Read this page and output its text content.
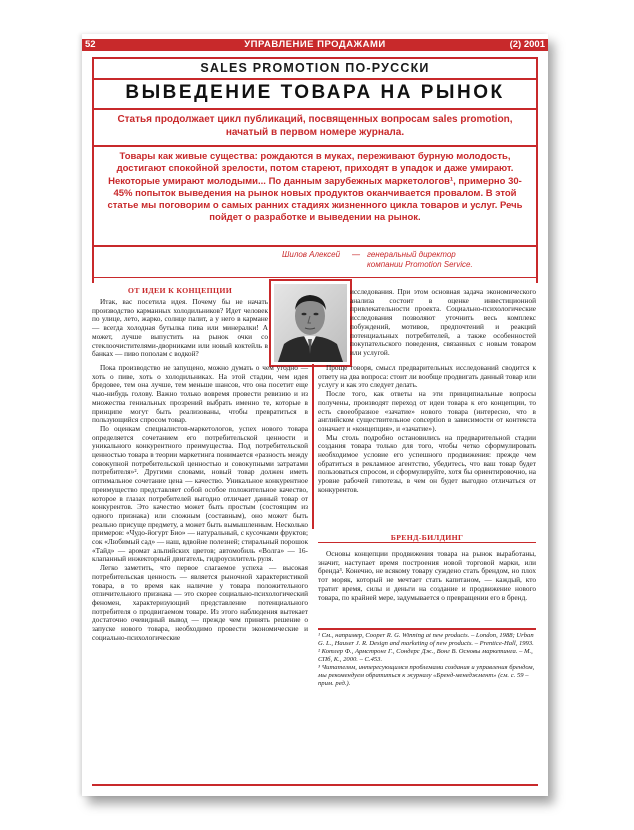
52	УПРАВЛЕНИЕ ПРОДАЖАМИ	(2) 2001
SALES PROMOTION ПО-РУССКИ
ВЫВЕДЕНИЕ ТОВАРА НА РЫНОК
Статья продолжает цикл публикаций, посвященных вопросам sales promotion, начатый в первом номере журнала.
Товары как живые существа: рождаются в муках, переживают бурную молодость, достигают спокойной зрелости, потом стареют, приходят в упадок и даже умирают. Некоторые умирают молодыми... По данным зарубежных маркетологов¹, примерно 30-45% попыток выведения на рынок новых продуктов оканчивается провалом. В этой статье мы поговорим о самых ранних стадиях жизненного цикла товаров и услуг. Речь пойдет о разработке и выведении на рынок.
Шилов Алексей — генеральный директор компании Promotion Service.
ОТ ИДЕИ К КОНЦЕПЦИИ

Итак, вас посетила идея. Почему бы не начать производство карманных холодильников? Идет человек по улице, лето, жарко, солнце палит, а у него в кармане — всегда холодная бутылка пива или минералки! А может, лучше выпустить на рынок очки со стеклоочистителями-дворниками или новый коктейль в банках — пиво пополам с водкой?

исследования. При этом основная задача экономического анализа состоит в оценке инвестиционной привлекательности проекта. Социально-психологические исследования позволяют уточнить весь комплекс побуждений, мотивов, предпочтений и реакций потенциальных потребителей, а также особенностей покупательского поведения, связанных с новым товаром или услугой.

Пока производство не запущено, можно думать о чем угодно — хоть о пиве, хоть о холодильниках. На этой стадии, чем идея бредовее, тем она лучше, тем меньше шансов, что она посетит еще чью-нибудь голову. Важно только вовремя провести ревизию и из множества гениальных прозрений выбрать именно те, которые в принципе могут быть реализованы, чтобы превратиться в пользующийся спросом товар.

По оценкам специалистов-маркетологов, успех нового товара определяется сочетанием его потребительской ценности и уникального конкурентного преимущества. Под потребительской ценностью товара в теории маркетинга понимается «разность между совокупной потребительской ценностью и совокупными затратами потребителя»². Другими словами, новый товар должен иметь оптимальное сочетание цена — качество. Уникальное конкурентное преимущество представляет собой особое положительное качество, которое в глазах потребителей выгодно отличает данный товар от конкурентов. Это качество может быть простым (состоящим из одного признака) или сложным (составным), оно может быть реально присуще предмету, а может быть вымышленным. Несколько примеров: «Чудо-йогурт Био» — натуральный, с кусочками фруктов; сок «Любимый сад» — наш, вдвойне полезней; стиральный порошок «Тайд» — аромат альпийских цветов; автомобиль «Волга» — 16-клапанный инжекторный двигатель, гидроусилитель руля.

Легко заметить, что первое слагаемое успеха — высокая потребительская ценность — является рыночной характеристикой товара, в то время как наличие у товара положительного отличительного признака — это скорее социально-психологический феномен, характеризующий представление потенциального потребителя о продвигаемом товаре. Из этого наблюдения вытекает достаточно очевидный вывод — прежде чем принять решение о запуске нового товара, необходимо провести экономические и социально-психологические

Проще говоря, смысл предварительных исследований сводится к ответу на два вопроса: стоит ли вообще продвигать данный товар или услугу и как это следует делать.

После того, как ответы на эти принципиальные вопросы получены, производят переход от идеи товара к его концепции, то есть своеобразное «зачатие» нового товара (интересно, что в английском существительное conception в зависимости от контекста означает и «концепция», и «зачатие»).

Мы столь подробно остановились на предварительной стадии создания товара только для того, чтобы четко сформулировать необходимое условие его успешного продвижения: прежде чем обратиться в рекламное агентство, убедитесь, что ваш товар будет пользоваться спросом, и сформулируйте, хотя бы ориентировочно, на уровне рабочей гипотезы, в чем он будет выгодно отличаться от конкурентов.

БРЕНД-БИЛДИНГ

Основы концепции продвижения товара на рынок выработаны, значит, наступает время построения новой торговой марки, или бренда³. Конечно, не всякому товару суждено стать брендом, но плох тот моряк, который не мечтает стать капитаном, — каждый, кто тратит время, силы и деньги на создание и продвижение нового товара, по крайней мере, задумывается о превращении его в бренд.

¹ См., например, Cooper R. G. Winning at new products. – London, 1988; Urban G. L., Hauser J. R. Design and marketing of new products. – Prentice-Hall, 1993.

² Котлер Ф., Армстронг Г., Сондерс Дж., Вонг В. Основы маркетинга. – М., СПб, К., 2000. – С.453.

³ Читателям, интересующимся проблемами создания и управления брендом, мы рекомендуем обратиться к журналу «Бренд-менеджмент» (см. с. 59 – прим. ред.).
